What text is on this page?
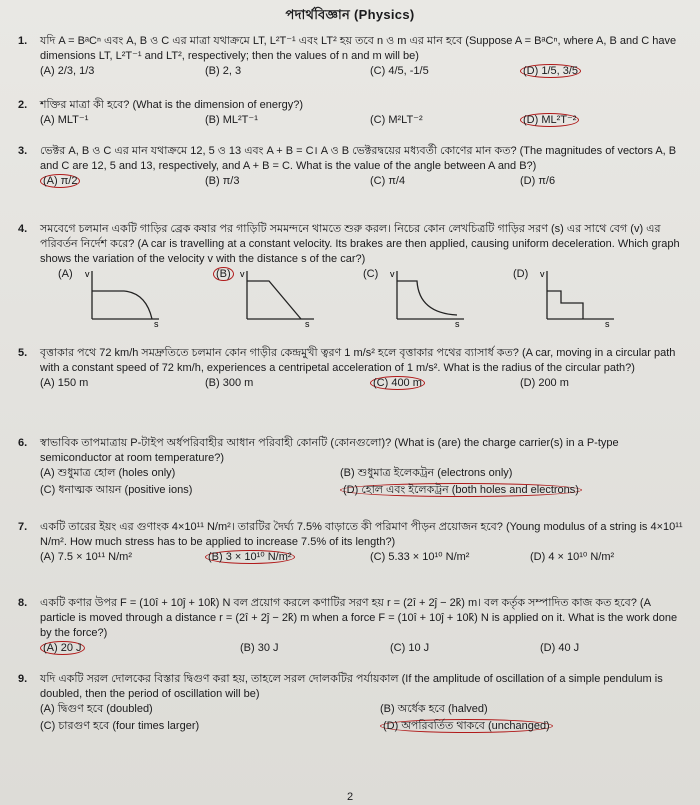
পদার্থবিজ্ঞান (Physics)
1.	যদি A = BᵃCⁿ এবং A, B ও C এর মাত্রা যথাক্রমে LT, L²T⁻¹ এবং LT² হয় তবে n ও m এর মান হবে (Suppose A = BᵃCⁿ, where A, B and C have dimensions LT, L²T⁻¹ and LT², respectively; then the values of n and m will be)
(A) 2/3, 1/3	(B) 2, 3	(C) 4/5, -1/5	(D) 1/5, 3/5
2.	শক্তির মাত্রা কী হবে? (What is the dimension of energy?)
(A) MLT⁻¹	(B) ML²T⁻¹	(C) M²LT⁻²	(D) ML²T⁻²
3.	ভেক্টর A, B ও C এর মান যথাক্রমে 12, 5 ও 13 এবং A + B = C। A ও B ভেক্টরদ্বয়ের মধ্যবর্তী কোণের মান কত? (The magnitudes of vectors A, B and C are 12, 5 and 13, respectively, and A + B = C. What is the value of the angle between A and B?)
(A) π/2	(B) π/3	(C) π/4	(D) π/6
4.	সমবেগে চলমান একটি গাড়ির ব্রেক কষার পর গাড়িটি সমমন্দনে থামতে শুরু করল। নিচের কোন লেখচিত্রটি গাড়ির সরণ (s) এর সাথে বেগ (v) এর পরিবর্তন নির্দেশ করে? (A car is travelling at a constant velocity. Its brakes are then applied, causing uniform deceleration. Which graph shows the variation of the velocity v with the distance s of the car?)
(A) v
s
(B)	v
s
(C) v
s
(D) v
s
5.	বৃত্তাকার পথে 72 km/h সমদ্রুতিতে চলমান কোন গাড়ীর কেন্দ্রমুখী ত্বরণ 1 m/s² হলে বৃত্তাকার পথের ব্যাসার্ধ কত? (A car, moving in a circular path with a constant speed of 72 km/h, experiences a centripetal acceleration of 1 m/s². What is the radius of the circular path?)
(A) 150 m	(B) 300 m	(C) 400 m	(D) 200 m
6.	স্বাভাবিক তাপমাত্রায় P-টাইপ অর্ধপরিবাহীর আধান পরিবাহী কোনটি (কোনগুলো)? (What is (are) the charge carrier(s) in a P-type semiconductor at room temperature?)
(A) শুধুমাত্র হোল (holes only)	(B) শুধুমাত্র ইলেকট্রন (electrons only)
(C) ধনাত্মক আয়ন (positive ions)	(D) হোল এবং ইলেকট্রন (both holes and electrons)
7.	একটি তারের ইয়ং এর গুণাংক 4×10¹¹ N/m²। তারটির দৈর্ঘ্য 7.5% বাড়াতে কী পরিমাণ পীড়ন প্রয়োজন হবে? (Young modulus of a string is 4×10¹¹ N/m². How much stress has to be applied to increase 7.5% of its length?)
(A) 7.5 × 10¹¹ N/m²	(B) 3 × 10¹⁰ N/m²	(C) 5.33 × 10¹⁰ N/m²	(D) 4 × 10¹⁰ N/m²
8.	একটি কণার উপর F = (10î + 10ĵ + 10k̂) N বল প্রয়োগ করলে কণাটির সরণ হয় r = (2î + 2ĵ − 2k̂) m। বল কর্তৃক সম্পাদিত কাজ কত হবে? (A particle is moved through a distance r = (2î + 2ĵ − 2k̂) m when a force F = (10î + 10ĵ + 10k̂) N is applied on it. What is the work done by the force?)
(A) 20 J	(B) 30 J	(C) 10 J	(D) 40 J
9.	যদি একটি সরল দোলকের বিস্তার দ্বিগুণ করা হয়, তাহলে সরল দোলকটির পর্যায়কাল (If the amplitude of oscillation of a simple pendulum is doubled, then the period of oscillation will be)
(A) দ্বিগুণ হবে (doubled)	(B) অর্ধেক হবে (halved)
(C) চারগুণ হবে (four times larger)	(D) অপরিবর্তিত থাকবে (unchanged)
2
